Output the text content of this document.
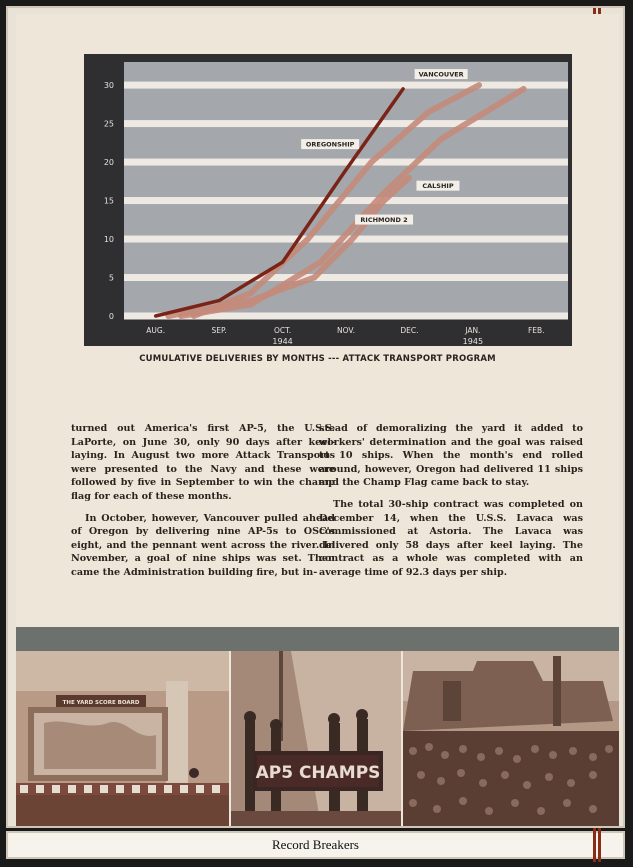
0
5
10
15
20
25
30
AUG.	SEP.	OCT.	NOV.	DEC.	JAN.	FEB.
1944	1945
OREGONSHIP
VANCOUVER
CALSHIP
RICHMOND 2
CUMULATIVE DELIVERIES BY MONTHS --- ATTACK TRANSPORT PROGRAM

turned out America's first AP-5, the U.S.S. LaPorte, on June 30, only 90 days after keel-laying. In August two more Attack Transports were presented to the Navy and these were followed by five in September to win the champ flag for each of these months.

In October, however, Vancouver pulled ahead of Oregon by delivering nine AP-5s to OSC's eight, and the pennant went across the river. In November, a goal of nine ships was set. Then came the Administration building fire, but in-

stead of demoralizing the yard it added to workers' determination and the goal was raised to 10 ships. When the month's end rolled around, however, Oregon had delivered 11 ships and the Champ Flag came back to stay.

The total 30-ship contract was completed on December 14, when the U.S.S. Lavaca was commissioned at Astoria. The Lavaca was delivered only 58 days after keel laying. The contract as a whole was completed with an average time of 92.3 days per ship.

THE YARD SCORE BOARD
AP5 CHAMPS
Record Breakers
